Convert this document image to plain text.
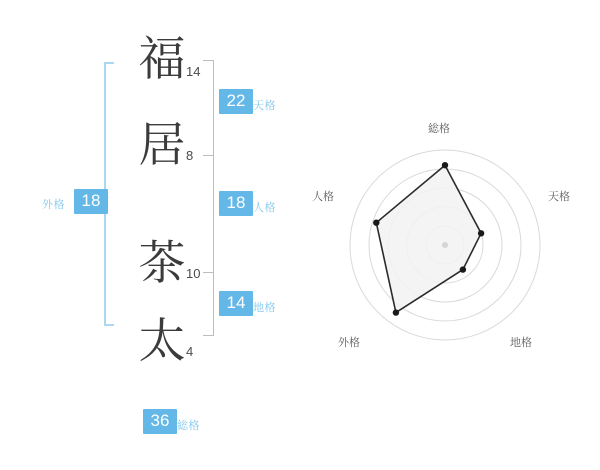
外格 18
福 14
居 8
茶 10
太 4
22 天格
18 人格
14 地格
36 総格
総格
天格
地格
外格
人格
